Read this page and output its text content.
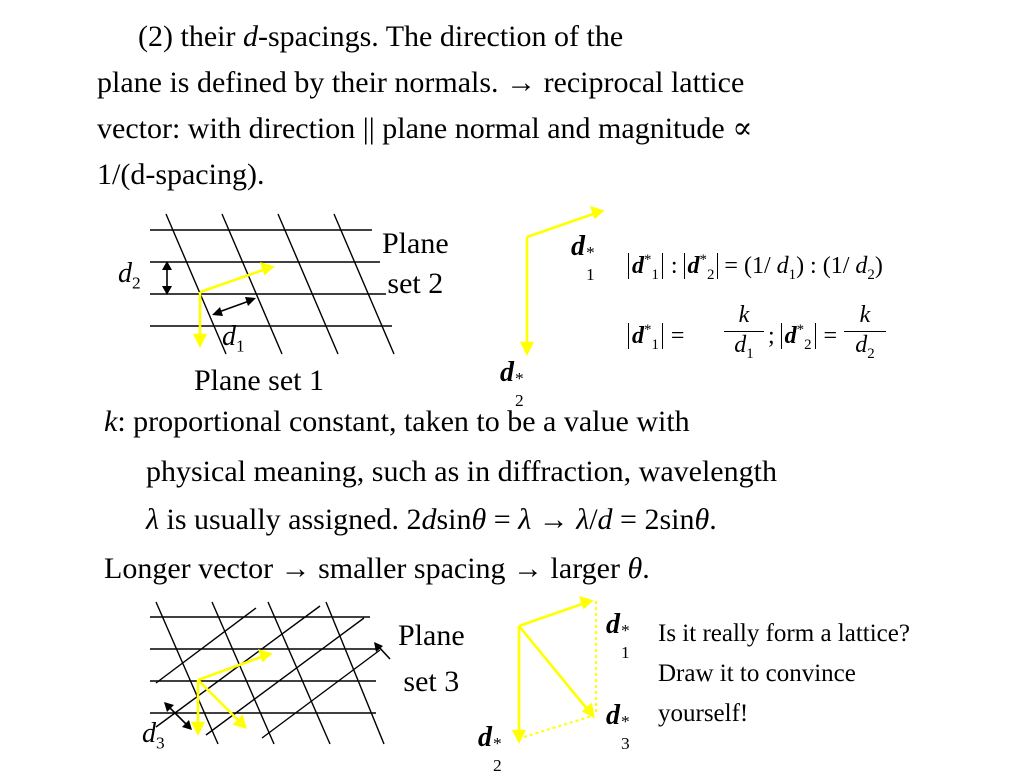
(2) their d-spacings. The direction of the
plane is defined by their normals. → reciprocal lattice
vector: with direction || plane normal and magnitude ∝
1/(d-spacing).
$d_2$
$d_1$
Plane
set 2
Plane set 1
d *
1
d *
2
$d^*_1$ : $d^*_2 = (1/$ $d_1$) : (1/ $d_2$)
$d^*_1$ =
k
$d_1$
; $d^*_2$ =
k
$d_2$
k: proportional constant, taken to be a value with
physical meaning, such as in diffraction, wavelength
λ is usually assigned. 2dsinθ = λ → λ/d = 2sinθ.
Longer vector → smaller spacing → larger θ.
Plane
set 3
$d_3$
d *
1
d *
3
d *
2
Is it really form a lattice?
Draw it to convince
yourself!
